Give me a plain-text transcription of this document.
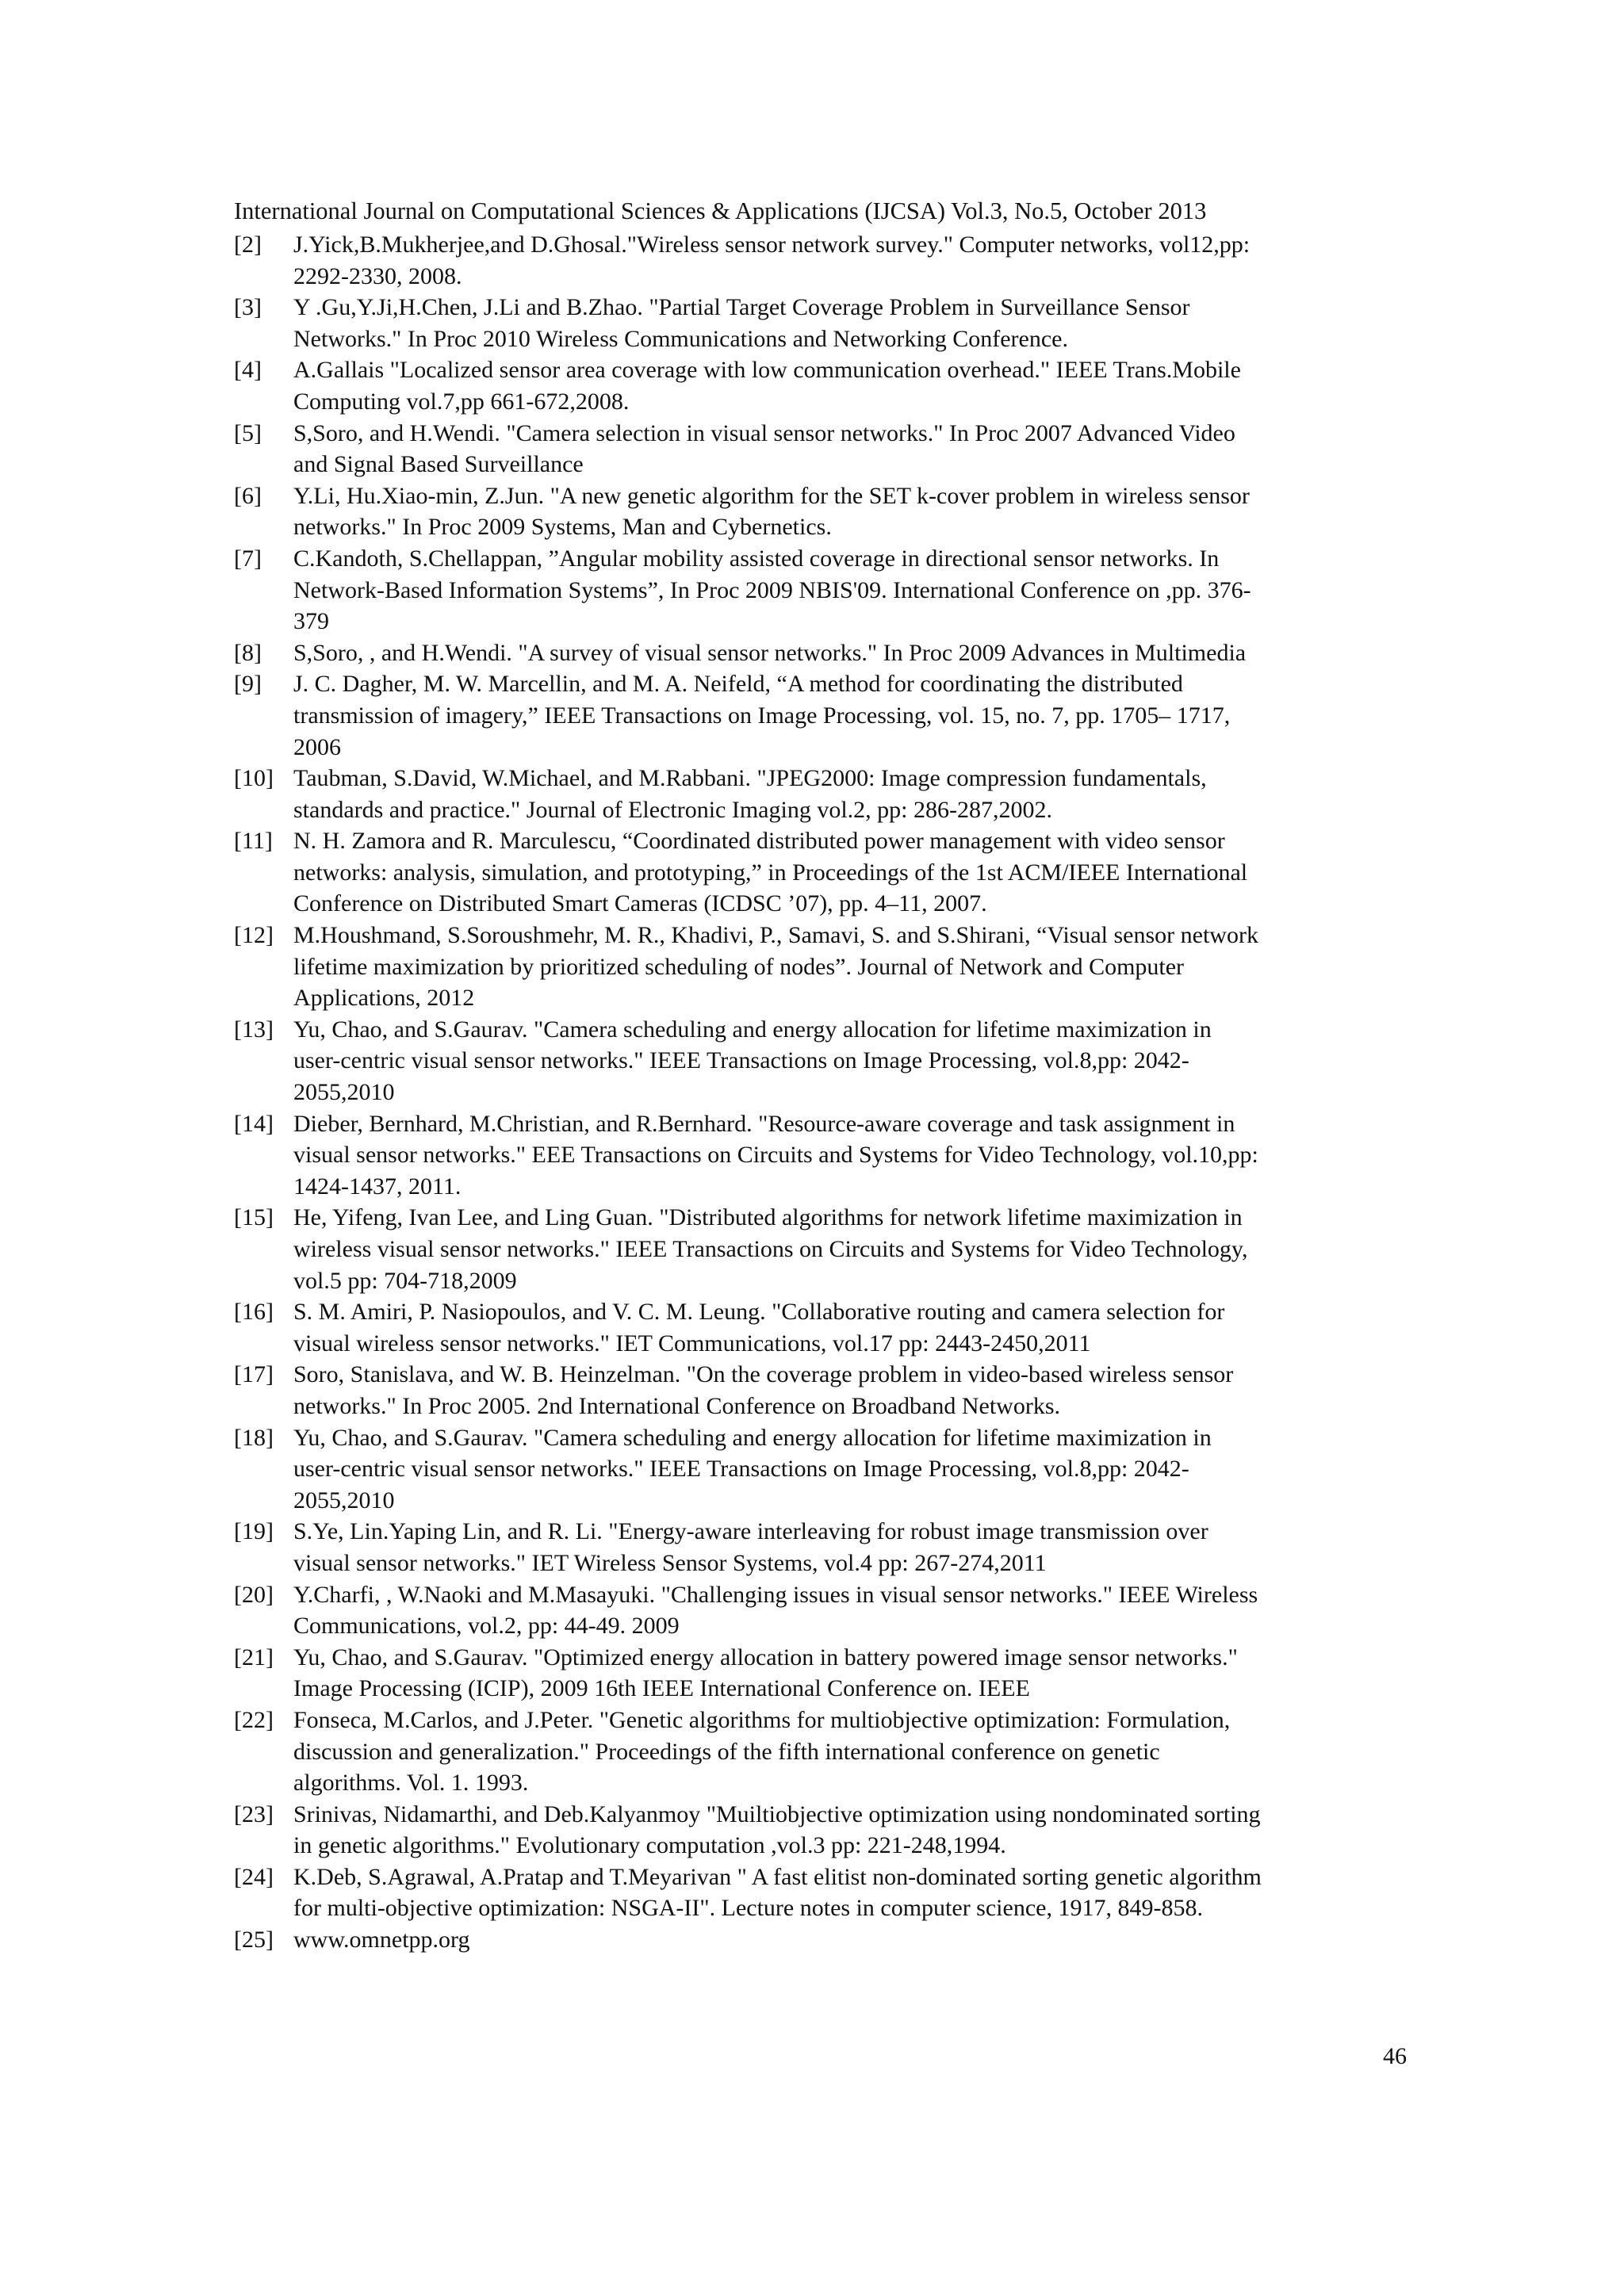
International Journal on Computational Sciences & Applications (IJCSA) Vol.3, No.5, October 2013
[2]	J.Yick,B.Mukherjee,and D.Ghosal."Wireless sensor network survey." Computer networks, vol12,pp:
2292-2330, 2008.
[3]	Y .Gu,Y.Ji,H.Chen, J.Li and B.Zhao. "Partial Target Coverage Problem in Surveillance Sensor
Networks." In Proc 2010 Wireless Communications and Networking Conference.
[4]	A.Gallais "Localized sensor area coverage with low communication overhead." IEEE Trans.Mobile
Computing vol.7,pp 661-672,2008.
[5]	S,Soro, and H.Wendi. "Camera selection in visual sensor networks." In Proc 2007 Advanced Video
and Signal Based Surveillance
[6]	Y.Li, Hu.Xiao-min, Z.Jun. "A new genetic algorithm for the SET k-cover problem in wireless sensor
networks." In Proc 2009 Systems, Man and Cybernetics.
[7]	C.Kandoth, S.Chellappan, ”Angular mobility assisted coverage in directional sensor networks. In
Network-Based Information Systems”, In Proc 2009 NBIS'09. International Conference on ,pp. 376-
379
[8]	S,Soro, , and H.Wendi. "A survey of visual sensor networks." In Proc 2009 Advances in Multimedia
[9]	J. C. Dagher, M. W. Marcellin, and M. A. Neifeld, “A method for coordinating the distributed
transmission of imagery,” IEEE Transactions on Image Processing, vol. 15, no. 7, pp. 1705– 1717,
2006
[10] Taubman, S.David, W.Michael, and M.Rabbani. "JPEG2000: Image compression fundamentals,
standards and practice." Journal of Electronic Imaging vol.2, pp: 286-287,2002.
[11] N. H. Zamora and R. Marculescu, “Coordinated distributed power management with video sensor
networks: analysis, simulation, and prototyping,” in Proceedings of the 1st ACM/IEEE International
Conference on Distributed Smart Cameras (ICDSC ’07), pp. 4–11, 2007.
[12] M.Houshmand, S.Soroushmehr, M. R., Khadivi, P., Samavi, S. and S.Shirani, “Visual sensor network
lifetime maximization by prioritized scheduling of nodes”. Journal of Network and Computer
Applications, 2012
[13] Yu, Chao, and S.Gaurav. "Camera scheduling and energy allocation for lifetime maximization in
user-centric visual sensor networks." IEEE Transactions on Image Processing, vol.8,pp: 2042-
2055,2010
[14] Dieber, Bernhard, M.Christian, and R.Bernhard. "Resource-aware coverage and task assignment in
visual sensor networks." EEE Transactions on Circuits and Systems for Video Technology, vol.10,pp:
1424-1437, 2011.
[15] He, Yifeng, Ivan Lee, and Ling Guan. "Distributed algorithms for network lifetime maximization in
wireless visual sensor networks." IEEE Transactions on Circuits and Systems for Video Technology,
vol.5 pp: 704-718,2009
[16] S. M. Amiri, P. Nasiopoulos, and V. C. M. Leung. "Collaborative routing and camera selection for
visual wireless sensor networks." IET Communications, vol.17 pp: 2443-2450,2011
[17] Soro, Stanislava, and W. B. Heinzelman. "On the coverage problem in video-based wireless sensor
networks." In Proc 2005. 2nd International Conference on Broadband Networks.
[18] Yu, Chao, and S.Gaurav. "Camera scheduling and energy allocation for lifetime maximization in
user-centric visual sensor networks." IEEE Transactions on Image Processing, vol.8,pp: 2042-
2055,2010
[19] S.Ye, Lin.Yaping Lin, and R. Li. "Energy-aware interleaving for robust image transmission over
visual sensor networks." IET Wireless Sensor Systems, vol.4 pp: 267-274,2011
[20] Y.Charfi, , W.Naoki and M.Masayuki. "Challenging issues in visual sensor networks." IEEE Wireless
Communications, vol.2, pp: 44-49. 2009
[21] Yu, Chao, and S.Gaurav. "Optimized energy allocation in battery powered image sensor networks."
Image Processing (ICIP), 2009 16th IEEE International Conference on. IEEE
[22] Fonseca, M.Carlos, and J.Peter. "Genetic algorithms for multiobjective optimization: Formulation,
discussion and generalization." Proceedings of the fifth international conference on genetic
algorithms. Vol. 1. 1993.
[23] Srinivas, Nidamarthi, and Deb.Kalyanmoy "Muiltiobjective optimization using nondominated sorting
in genetic algorithms." Evolutionary computation ,vol.3 pp: 221-248,1994.
[24] K.Deb, S.Agrawal, A.Pratap and T.Meyarivan " A fast elitist non-dominated sorting genetic algorithm
for multi-objective optimization: NSGA-II". Lecture notes in computer science, 1917, 849-858.
[25] www.omnetpp.org
46
